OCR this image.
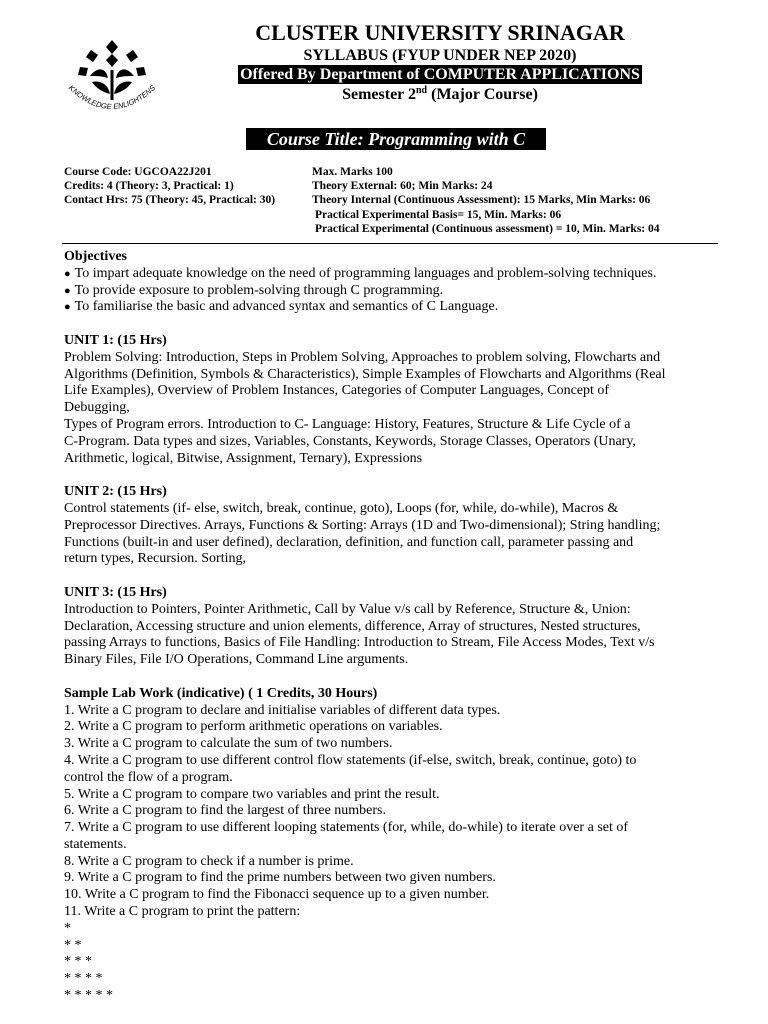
KNOWLEDGE ENLIGHTENS
CLUSTER UNIVERSITY SRINAGAR
SYLLABUS (FYUP UNDER NEP 2020)
Offered By Department of COMPUTER APPLICATIONS
Semester 2nd (Major Course)
Course Title: Programming with C
Course Code: UGCOA22J201
Credits: 4 (Theory: 3, Practical: 1)
Contact Hrs: 75 (Theory: 45, Practical: 30)
Max. Marks 100
Theory External: 60; Min Marks: 24
Theory Internal (Continuous Assessment): 15 Marks, Min Marks: 06
Practical Experimental Basis= 15, Min. Marks: 06
Practical Experimental (Continuous assessment) = 10, Min. Marks: 04
Objectives
● To impart adequate knowledge on the need of programming languages and problem-solving techniques.
● To provide exposure to problem-solving through C programming.
● To familiarise the basic and advanced syntax and semantics of C Language.
UNIT 1: (15 Hrs)
Problem Solving: Introduction, Steps in Problem Solving, Approaches to problem solving, Flowcharts and
Algorithms (Definition, Symbols & Characteristics), Simple Examples of Flowcharts and Algorithms (Real
Life Examples), Overview of Problem Instances, Categories of Computer Languages, Concept of
Debugging,
Types of Program errors. Introduction to C- Language: History, Features, Structure & Life Cycle of a
C-Program. Data types and sizes, Variables, Constants, Keywords, Storage Classes, Operators (Unary,
Arithmetic, logical, Bitwise, Assignment, Ternary), Expressions
UNIT 2: (15 Hrs)
Control statements (if- else, switch, break, continue, goto), Loops (for, while, do-while), Macros &
Preprocessor Directives. Arrays, Functions & Sorting: Arrays (1D and Two-dimensional); String handling;
Functions (built-in and user defined), declaration, definition, and function call, parameter passing and
return types, Recursion. Sorting,
UNIT 3: (15 Hrs)
Introduction to Pointers, Pointer Arithmetic, Call by Value v/s call by Reference, Structure &, Union:
Declaration, Accessing structure and union elements, difference, Array of structures, Nested structures,
passing Arrays to functions, Basics of File Handling: Introduction to Stream, File Access Modes, Text v/s
Binary Files, File I/O Operations, Command Line arguments.
Sample Lab Work (indicative) ( 1 Credits, 30 Hours)
1. Write a C program to declare and initialise variables of different data types.
2. Write a C program to perform arithmetic operations on variables.
3. Write a C program to calculate the sum of two numbers.
4. Write a C program to use different control flow statements (if-else, switch, break, continue, goto) to
control the flow of a program.
5. Write a C program to compare two variables and print the result.
6. Write a C program to find the largest of three numbers.
7. Write a C program to use different looping statements (for, while, do-while) to iterate over a set of
statements.
8. Write a C program to check if a number is prime.
9. Write a C program to find the prime numbers between two given numbers.
10. Write a C program to find the Fibonacci sequence up to a given number.
11. Write a C program to print the pattern:
*
* *
* * *
* * * *
* * * * *
